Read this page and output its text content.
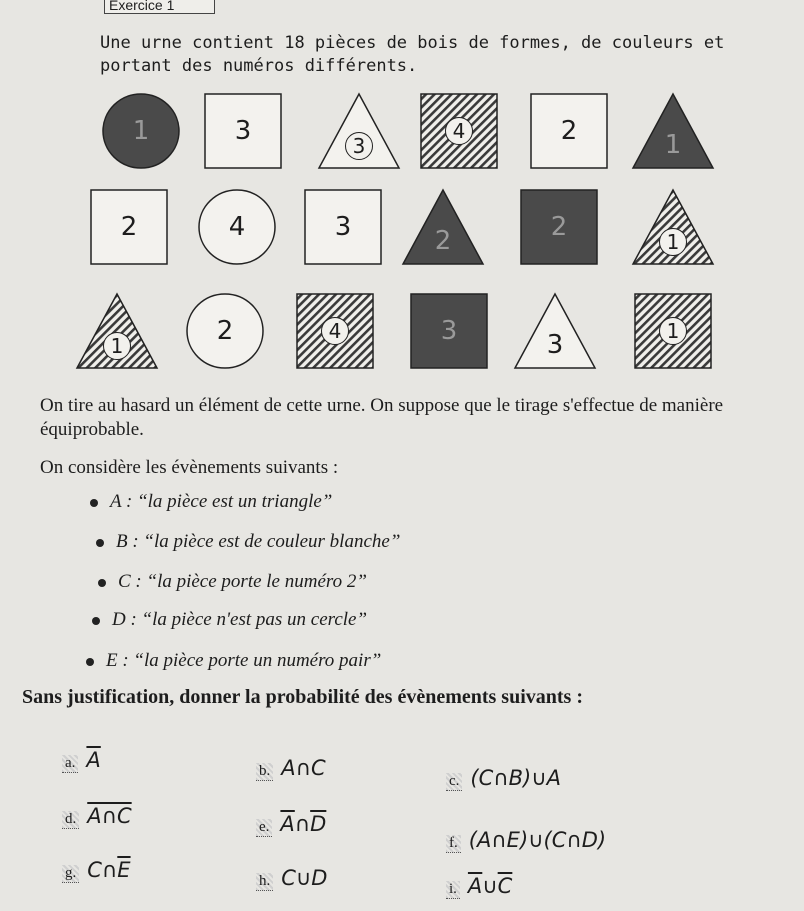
Exercice 1
Une urne contient 18 pièces de bois de formes, de couleurs et portant des numéros différents.
1	3	3
4	2	1
2	4	3	2	2	1
1	2	4	3	3	1
On tire au hasard un élément de cette urne. On suppose que le tirage s'effectue de manière équiprobable.
On considère les évènements suivants :
A : “la pièce est un triangle”
B : “la pièce est de couleur blanche”
C : “la pièce porte le numéro 2”
D : “la pièce n'est pas un cercle”
E : “la pièce porte un numéro pair”
Sans justification, donner la probabilité des évènements suivants :
a. $\overline{A}$	b. A∩C
c. (C∩B)∪A
d. A∩C	e. $\overline{A}\cap\overline{D}$
f. (A∩E)∪(C∩D)
g. $C\cap\overline{E}$	h. C∪D	i. $\overline{A}\cup\overline{C}$
